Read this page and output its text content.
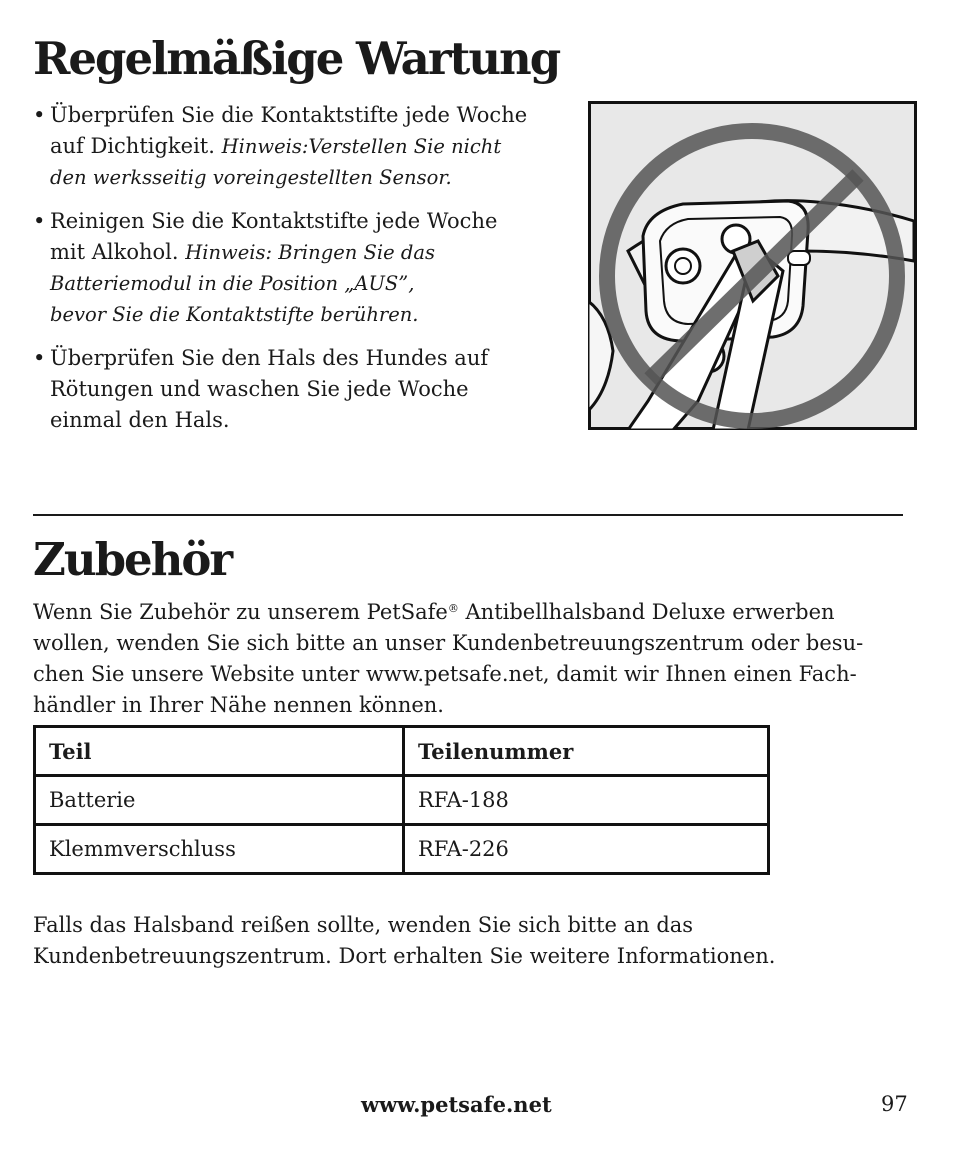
Regelmäßige Wartung
• Überprüfen Sie die Kontaktstifte jede Woche
auf Dichtigkeit. Hinweis:Verstellen Sie nicht
den werksseitig voreingestellten Sensor.
• Reinigen Sie die Kontaktstifte jede Woche
mit Alkohol. Hinweis: Bringen Sie das
Batteriemodul in die Position „AUS”,
bevor Sie die Kontaktstifte berühren.
• Überprüfen Sie den Hals des Hundes auf
Rötungen und waschen Sie jede Woche
einmal den Hals.
Zubehör
Wenn Sie Zubehör zu unserem PetSafe® Antibellhalsband Deluxe erwerben
wollen, wenden Sie sich bitte an unser Kundenbetreuungszentrum oder besu-
chen Sie unsere Website unter www.petsafe.net, damit wir Ihnen einen Fach-
händler in Ihrer Nähe nennen können.
Teil	Teilenummer
Batterie	RFA-188
Klemmverschluss	RFA-226
Falls das Halsband reißen sollte, wenden Sie sich bitte an das
Kundenbetreuungszentrum. Dort erhalten Sie weitere Informationen.
www.petsafe.net	97
